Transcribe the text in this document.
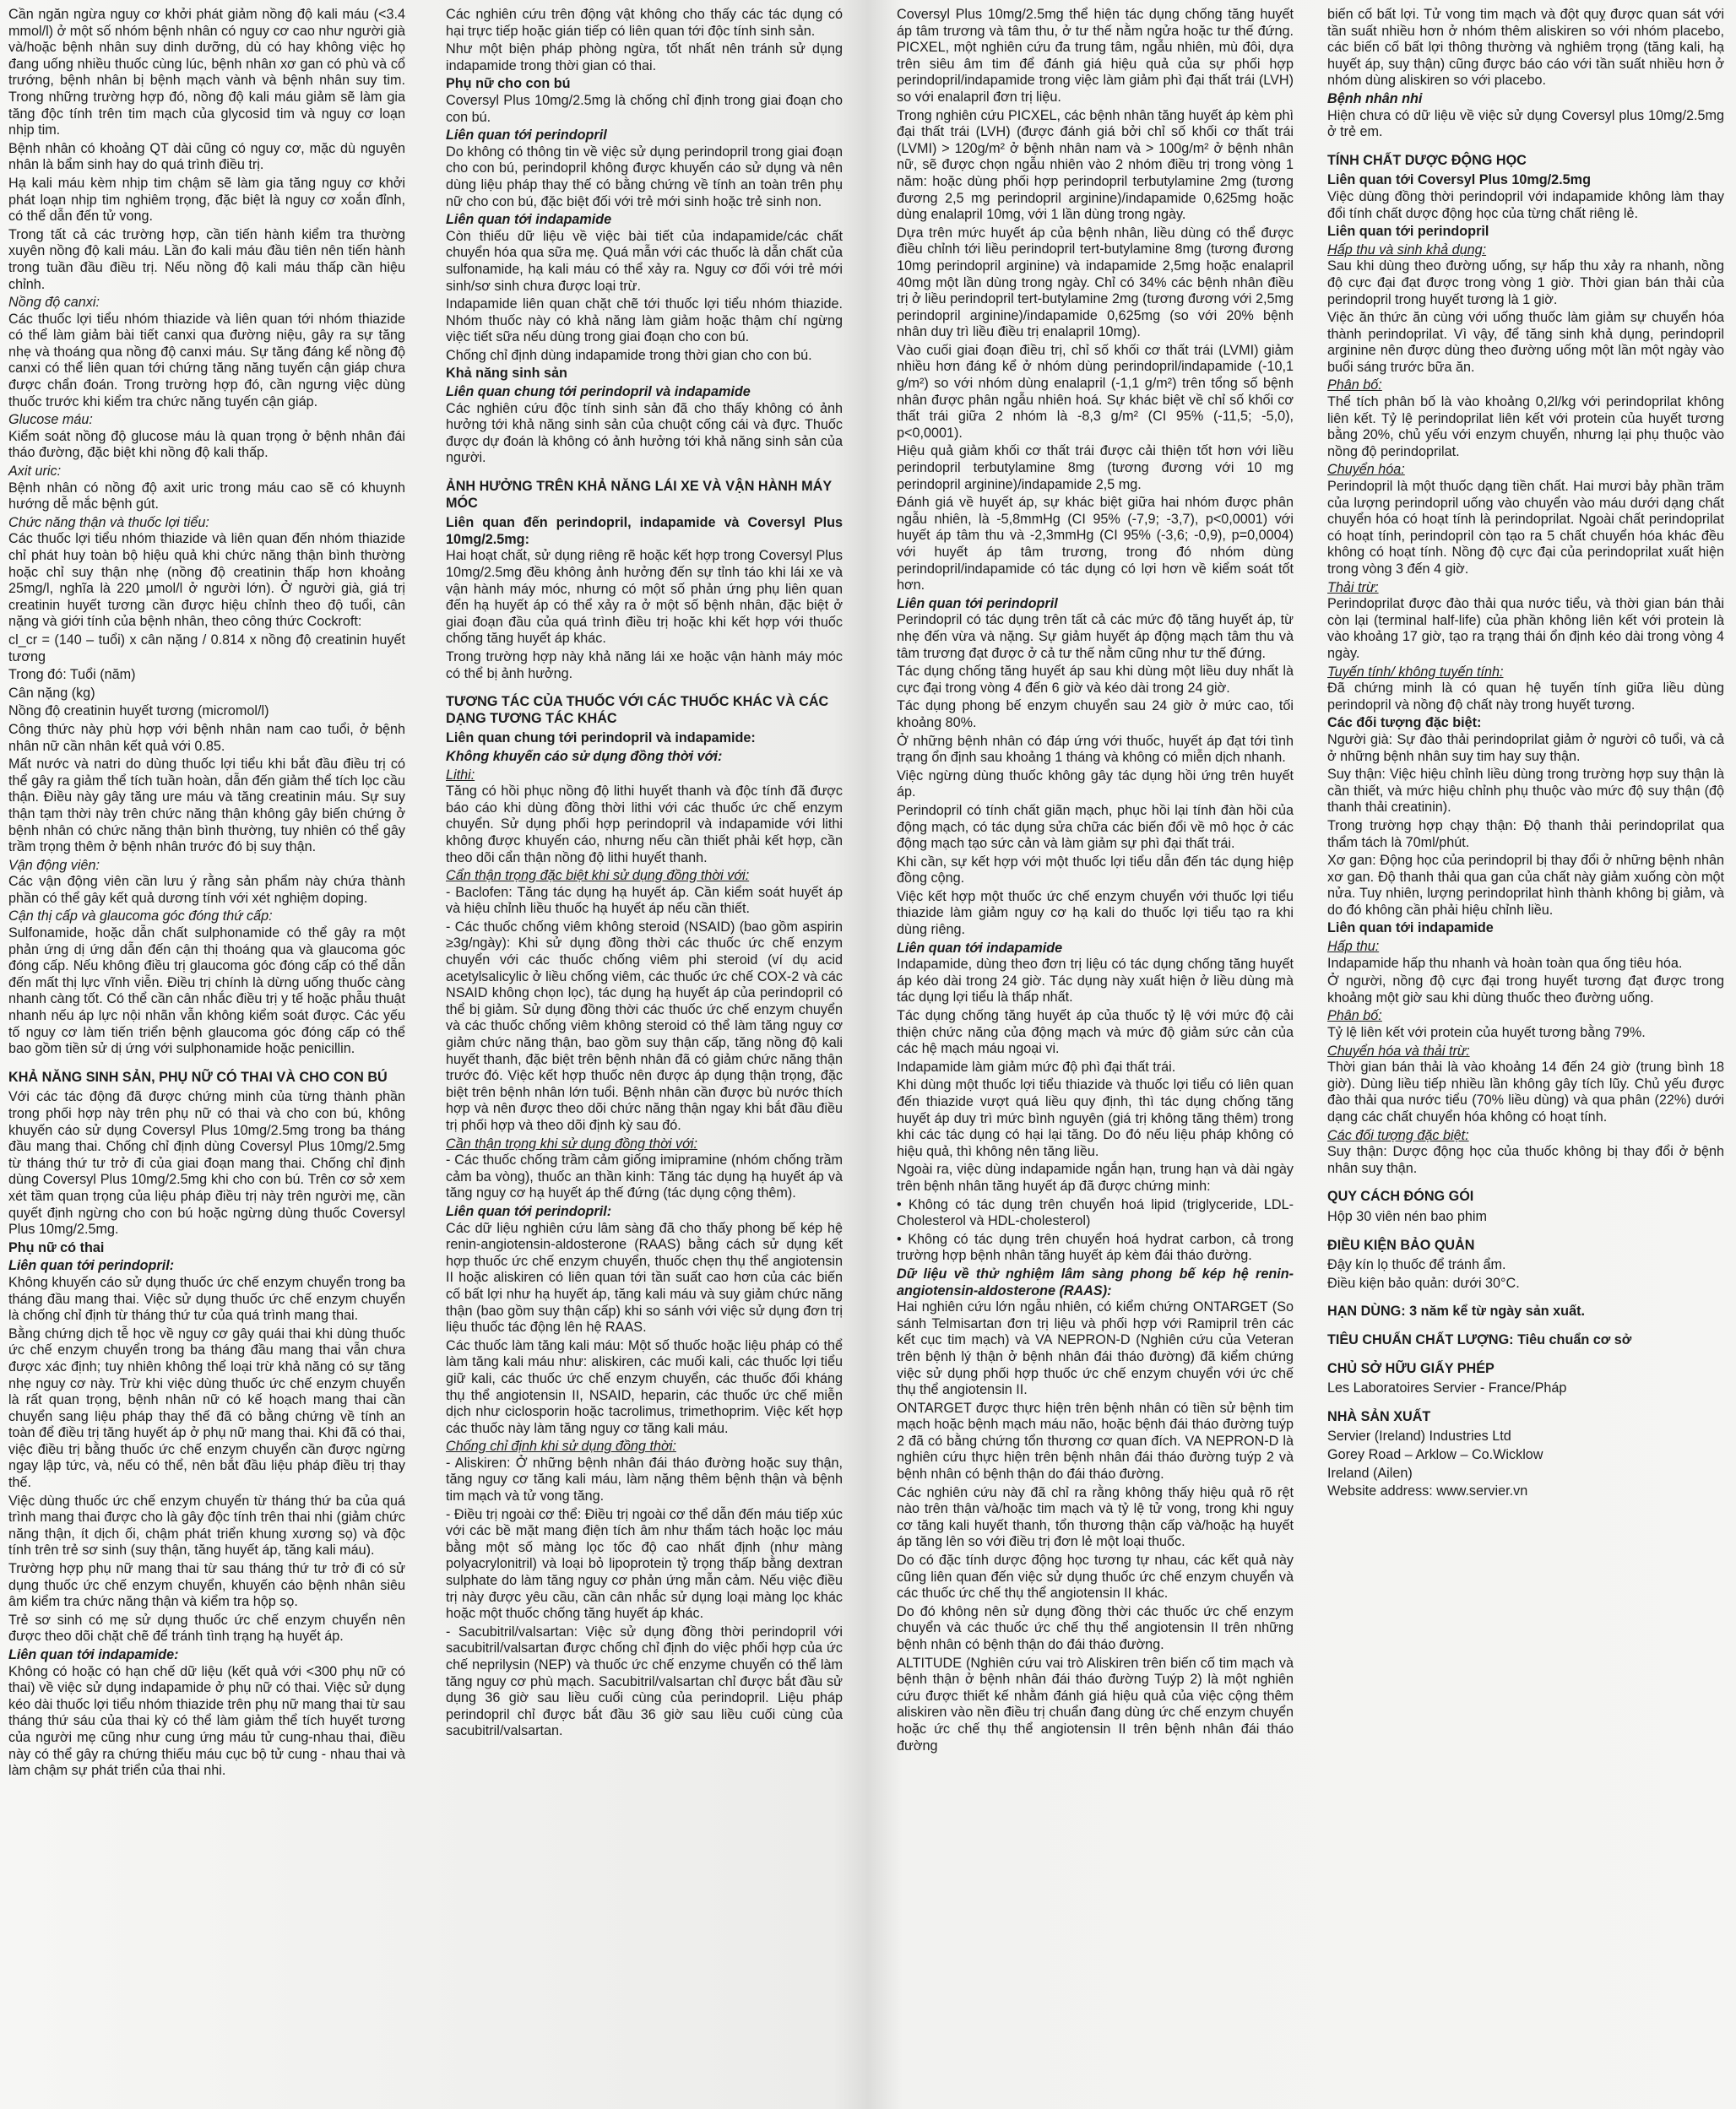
Cần ngăn ngừa nguy cơ khởi phát giảm nồng độ kali máu (<3.4 mmol/l) ở một số nhóm bệnh nhân có nguy cơ cao như người già và/hoặc bệnh nhân suy dinh dưỡng, dù có hay không việc họ đang uống nhiều thuốc cùng lúc, bệnh nhân xơ gan có phù và cổ trướng, bệnh nhân bị bệnh mạch vành và bệnh nhân suy tim. Trong những trường hợp đó, nồng độ kali máu giảm sẽ làm gia tăng độc tính trên tim mạch của glycosid tim và nguy cơ loạn nhịp tim.

Bệnh nhân có khoảng QT dài cũng có nguy cơ, mặc dù nguyên nhân là bẩm sinh hay do quá trình điều trị.

Hạ kali máu kèm nhịp tim chậm sẽ làm gia tăng nguy cơ khởi phát loạn nhịp tim nghiêm trọng, đặc biệt là nguy cơ xoắn đỉnh, có thể dẫn đến tử vong.

Trong tất cả các trường hợp, cần tiến hành kiểm tra thường xuyên nồng độ kali máu. Lần đo kali máu đầu tiên nên tiến hành trong tuần đầu điều trị. Nếu nồng độ kali máu thấp cần hiệu chỉnh.

Nồng độ canxi:

Các thuốc lợi tiểu nhóm thiazide và liên quan tới nhóm thiazide có thể làm giảm bài tiết canxi qua đường niệu, gây ra sự tăng nhẹ và thoáng qua nồng độ canxi máu. Sự tăng đáng kể nồng độ canxi có thể liên quan tới chứng tăng năng tuyến cận giáp chưa được chẩn đoán. Trong trường hợp đó, cần ngưng việc dùng thuốc trước khi kiểm tra chức năng tuyến cận giáp.

Glucose máu:

Kiểm soát nồng độ glucose máu là quan trọng ở bệnh nhân đái tháo đường, đặc biệt khi nồng độ kali thấp.

Axit uric:

Bệnh nhân có nồng độ axit uric trong máu cao sẽ có khuynh hướng dễ mắc bệnh gút.

Chức năng thận và thuốc lợi tiểu:

Các thuốc lợi tiểu nhóm thiazide và liên quan đến nhóm thiazide chỉ phát huy toàn bộ hiệu quả khi chức năng thận bình thường hoặc chỉ suy thận nhẹ (nồng độ creatinin thấp hơn khoảng 25mg/l, nghĩa là 220 µmol/l ở người lớn). Ở người già, giá trị creatinin huyết tương cần được hiệu chỉnh theo độ tuổi, cân nặng và giới tính của bệnh nhân, theo công thức Cockroft:

cl_cr = (140 – tuổi) x cân nặng / 0.814 x nồng độ creatinin huyết tương

Trong đó: Tuổi (năm)

Cân nặng (kg)

Nồng độ creatinin huyết tương (micromol/l)

Công thức này phù hợp với bệnh nhân nam cao tuổi, ở bệnh nhân nữ cần nhân kết quả với 0.85.

Mất nước và natri do dùng thuốc lợi tiểu khi bắt đầu điều trị có thể gây ra giảm thể tích tuần hoàn, dẫn đến giảm thể tích lọc cầu thận. Điều này gây tăng ure máu và tăng creatinin máu. Sự suy thận tạm thời này trên chức năng thận không gây biến chứng ở bệnh nhân có chức năng thận bình thường, tuy nhiên có thể gây trầm trọng thêm ở bệnh nhân trước đó bị suy thận.

Vận động viên:

Các vận động viên cần lưu ý rằng sản phẩm này chứa thành phần có thể gây kết quả dương tính với xét nghiệm doping.

Cận thị cấp và glaucoma góc đóng thứ cấp:

Sulfonamide, hoặc dẫn chất sulphonamide có thể gây ra một phản ứng dị ứng dẫn đến cận thị thoáng qua và glaucoma góc đóng cấp. Nếu không điều trị glaucoma góc đóng cấp có thể dẫn đến mất thị lực vĩnh viễn. Điều trị chính là dừng uống thuốc càng nhanh càng tốt. Có thể cần cân nhắc điều trị y tế hoặc phẫu thuật nhanh nếu áp lực nội nhãn vẫn không kiểm soát được. Các yếu tố nguy cơ làm tiến triển bệnh glaucoma góc đóng cấp có thể bao gồm tiền sử dị ứng với sulphonamide hoặc penicillin.

KHẢ NĂNG SINH SẢN, PHỤ NỮ CÓ THAI VÀ CHO CON BÚ

Với các tác động đã được chứng minh của từng thành phần trong phối hợp này trên phụ nữ có thai và cho con bú, không khuyến cáo sử dụng Coversyl Plus 10mg/2.5mg trong ba tháng đầu mang thai. Chống chỉ định dùng Coversyl Plus 10mg/2.5mg từ tháng thứ tư trở đi của giai đoạn mang thai. Chống chỉ định dùng Coversyl Plus 10mg/2.5mg khi cho con bú. Trên cơ sở xem xét tầm quan trọng của liệu pháp điều trị này trên người mẹ, cần quyết định ngừng cho con bú hoặc ngừng dùng thuốc Coversyl Plus 10mg/2.5mg.

Phụ nữ có thai

Liên quan tới perindopril:

Không khuyến cáo sử dụng thuốc ức chế enzym chuyển trong ba tháng đầu mang thai. Việc sử dụng thuốc ức chế enzym chuyển là chống chỉ định từ tháng thứ tư của quá trình mang thai.

Bằng chứng dịch tễ học về nguy cơ gây quái thai khi dùng thuốc ức chế enzym chuyển trong ba tháng đầu mang thai vẫn chưa được xác định; tuy nhiên không thể loại trừ khả năng có sự tăng nhẹ nguy cơ này. Trừ khi việc dùng thuốc ức chế enzym chuyển là rất quan trọng, bệnh nhân nữ có kế hoạch mang thai cần chuyển sang liệu pháp thay thế đã có bằng chứng về tính an toàn để điều trị tăng huyết áp ở phụ nữ mang thai. Khi đã có thai, việc điều trị bằng thuốc ức chế enzym chuyển cần được ngừng ngay lập tức, và, nếu có thể, nên bắt đầu liệu pháp điều trị thay thế.

Việc dùng thuốc ức chế enzym chuyển từ tháng thứ ba của quá trình mang thai được cho là gây độc tính trên thai nhi (giảm chức năng thận, ít dịch ối, chậm phát triển khung xương sọ) và độc tính trên trẻ sơ sinh (suy thận, tăng huyết áp, tăng kali máu).

Trường hợp phụ nữ mang thai từ sau tháng thứ tư trở đi có sử dụng thuốc ức chế enzym chuyển, khuyến cáo bệnh nhân siêu âm kiểm tra chức năng thận và kiểm tra hộp sọ.

Trẻ sơ sinh có mẹ sử dụng thuốc ức chế enzym chuyển nên được theo dõi chặt chẽ để tránh tình trạng hạ huyết áp.

Liên quan tới indapamide:

Không có hoặc có hạn chế dữ liệu (kết quả với <300 phụ nữ có thai) về việc sử dụng indapamide ở phụ nữ có thai. Việc sử dụng kéo dài thuốc lợi tiểu nhóm thiazide trên phụ nữ mang thai từ sau tháng thứ sáu của thai kỳ có thể làm giảm thể tích huyết tương của người mẹ cũng như cung ứng máu tử cung-nhau thai, điều này có thể gây ra chứng thiếu máu cục bộ tử cung - nhau thai và làm chậm sự phát triển của thai nhi.

Các nghiên cứu trên động vật không cho thấy các tác dụng có hại trực tiếp hoặc gián tiếp có liên quan tới độc tính sinh sản.

Như một biện pháp phòng ngừa, tốt nhất nên tránh sử dụng indapamide trong thời gian có thai.

Phụ nữ cho con bú

Coversyl Plus 10mg/2.5mg là chống chỉ định trong giai đoạn cho con bú.

Liên quan tới perindopril

Do không có thông tin về việc sử dụng perindopril trong giai đoạn cho con bú, perindopril không được khuyến cáo sử dụng và nên dùng liệu pháp thay thế có bằng chứng về tính an toàn trên phụ nữ cho con bú, đặc biệt đối với trẻ mới sinh hoặc trẻ sinh non.

Liên quan tới indapamide

Còn thiếu dữ liệu về việc bài tiết của indapamide/các chất chuyển hóa qua sữa mẹ. Quá mẫn với các thuốc là dẫn chất của sulfonamide, hạ kali máu có thể xảy ra. Nguy cơ đối với trẻ mới sinh/sơ sinh chưa được loại trừ.

Indapamide liên quan chặt chẽ tới thuốc lợi tiểu nhóm thiazide. Nhóm thuốc này có khả năng làm giảm hoặc thậm chí ngừng việc tiết sữa nếu dùng trong giai đoạn cho con bú.

Chống chỉ định dùng indapamide trong thời gian cho con bú.

Khả năng sinh sản

Liên quan chung tới perindopril và indapamide

Các nghiên cứu độc tính sinh sản đã cho thấy không có ảnh hưởng tới khả năng sinh sản của chuột cống cái và đực. Thuốc được dự đoán là không có ảnh hưởng tới khả năng sinh sản của người.

ẢNH HƯỞNG TRÊN KHẢ NĂNG LÁI XE VÀ VẬN HÀNH MÁY MÓC

Liên quan đến perindopril, indapamide và Coversyl Plus 10mg/2.5mg:

Hai hoạt chất, sử dụng riêng rẽ hoặc kết hợp trong Coversyl Plus 10mg/2.5mg đều không ảnh hưởng đến sự tỉnh táo khi lái xe và vận hành máy móc, nhưng có một số phản ứng phụ liên quan đến hạ huyết áp có thể xảy ra ở một số bệnh nhân, đặc biệt ở giai đoạn đầu của quá trình điều trị hoặc khi kết hợp với thuốc chống tăng huyết áp khác.

Trong trường hợp này khả năng lái xe hoặc vận hành máy móc có thể bị ảnh hưởng.

TƯƠNG TÁC CỦA THUỐC VỚI CÁC THUỐC KHÁC VÀ CÁC DẠNG TƯƠNG TÁC KHÁC

Liên quan chung tới perindopril và indapamide:

Không khuyến cáo sử dụng đồng thời với:

Lithi:

Tăng có hồi phục nồng độ lithi huyết thanh và độc tính đã được báo cáo khi dùng đồng thời lithi với các thuốc ức chế enzym chuyển. Sử dụng phối hợp perindopril và indapamide với lithi không được khuyến cáo, nhưng nếu cần thiết phải kết hợp, cần theo dõi cẩn thận nồng độ lithi huyết thanh.

Cẩn thận trọng đặc biệt khi sử dụng đồng thời với:

- Baclofen: Tăng tác dụng hạ huyết áp. Cần kiểm soát huyết áp và hiệu chỉnh liều thuốc hạ huyết áp nếu cần thiết.

- Các thuốc chống viêm không steroid (NSAID) (bao gồm aspirin ≥3g/ngày): Khi sử dụng đồng thời các thuốc ức chế enzym chuyển với các thuốc chống viêm phi steroid (ví dụ acid acetylsalicylic ở liều chống viêm, các thuốc ức chế COX-2 và các NSAID không chọn lọc), tác dụng hạ huyết áp của perindopril có thể bị giảm. Sử dụng đồng thời các thuốc ức chế enzym chuyển và các thuốc chống viêm không steroid có thể làm tăng nguy cơ giảm chức năng thận, bao gồm suy thận cấp, tăng nồng độ kali huyết thanh, đặc biệt trên bệnh nhân đã có giảm chức năng thận trước đó. Việc kết hợp thuốc nên được áp dụng thận trọng, đặc biệt trên bệnh nhân lớn tuổi. Bệnh nhân cần được bù nước thích hợp và nên được theo dõi chức năng thận ngay khi bắt đầu điều trị phối hợp và theo dõi định kỳ sau đó.

Cần thận trọng khi sử dụng đồng thời với:

- Các thuốc chống trầm cảm giống imipramine (nhóm chống trầm cảm ba vòng), thuốc an thần kinh: Tăng tác dụng hạ huyết áp và tăng nguy cơ hạ huyết áp thế đứng (tác dụng cộng thêm).

Liên quan tới perindopril:

Các dữ liệu nghiên cứu lâm sàng đã cho thấy phong bế kép hệ renin-angiotensin-aldosterone (RAAS) bằng cách sử dụng kết hợp thuốc ức chế enzym chuyển, thuốc chẹn thụ thể angiotensin II hoặc aliskiren có liên quan tới tần suất cao hơn của các biến cố bất lợi như hạ huyết áp, tăng kali máu và suy giảm chức năng thận (bao gồm suy thận cấp) khi so sánh với việc sử dụng đơn trị liệu thuốc tác động lên hệ RAAS.

Các thuốc làm tăng kali máu: Một số thuốc hoặc liệu pháp có thể làm tăng kali máu như: aliskiren, các muối kali, các thuốc lợi tiểu giữ kali, các thuốc ức chế enzym chuyển, các thuốc đối kháng thụ thể angiotensin II, NSAID, heparin, các thuốc ức chế miễn dịch như ciclosporin hoặc tacrolimus, trimethoprim. Việc kết hợp các thuốc này làm tăng nguy cơ tăng kali máu.

Chống chỉ định khi sử dụng đồng thời:

- Aliskiren: Ở những bệnh nhân đái tháo đường hoặc suy thận, tăng nguy cơ tăng kali máu, làm nặng thêm bệnh thận và bệnh tim mạch và tử vong tăng.

- Điều trị ngoài cơ thể: Điều trị ngoài cơ thể dẫn đến máu tiếp xúc với các bề mặt mang điện tích âm như thẩm tách hoặc lọc máu bằng một số màng lọc tốc độ cao nhất định (như màng polyacrylonitril) và loại bỏ lipoprotein tỷ trọng thấp bằng dextran sulphate do làm tăng nguy cơ phản ứng mẫn cảm. Nếu việc điều trị này được yêu cầu, cần cân nhắc sử dụng loại màng lọc khác hoặc một thuốc chống tăng huyết áp khác.

- Sacubitril/valsartan: Việc sử dụng đồng thời perindopril với sacubitril/valsartan được chống chỉ định do việc phối hợp của ức chế neprilysin (NEP) và thuốc ức chế enzyme chuyển có thể làm tăng nguy cơ phù mạch. Sacubitril/valsartan chỉ được bắt đầu sử dụng 36 giờ sau liều cuối cùng của perindopril. Liệu pháp perindopril chỉ được bắt đầu 36 giờ sau liều cuối cùng của sacubitril/valsartan.

Coversyl Plus 10mg/2.5mg thể hiện tác dụng chống tăng huyết áp tâm trương và tâm thu, ở tư thế nằm ngửa hoặc tư thế đứng. PICXEL, một nghiên cứu đa trung tâm, ngẫu nhiên, mù đôi, dựa trên siêu âm tim để đánh giá hiệu quả của sự phối hợp perindopril/indapamide trong việc làm giảm phì đại thất trái (LVH) so với enalapril đơn trị liệu.

Trong nghiên cứu PICXEL, các bệnh nhân tăng huyết áp kèm phì đại thất trái (LVH) (được đánh giá bởi chỉ số khối cơ thất trái (LVMI) > 120g/m² ở bệnh nhân nam và > 100g/m² ở bệnh nhân nữ, sẽ được chọn ngẫu nhiên vào 2 nhóm điều trị trong vòng 1 năm: hoặc dùng phối hợp perindopril terbutylamine 2mg (tương đương 2,5 mg perindopril arginine)/indapamide 0,625mg hoặc dùng enalapril 10mg, với 1 lần dùng trong ngày.

Dựa trên mức huyết áp của bệnh nhân, liều dùng có thể được điều chỉnh tới liều perindopril tert-butylamine 8mg (tương đương 10mg perindopril arginine) và indapamide 2,5mg hoặc enalapril 40mg một lần dùng trong ngày. Chỉ có 34% các bệnh nhân điều trị ở liều perindopril tert-butylamine 2mg (tương đương với 2,5mg perindopril arginine)/indapamide 0,625mg (so với 20% bệnh nhân duy trì liều điều trị enalapril 10mg).

Vào cuối giai đoạn điều trị, chỉ số khối cơ thất trái (LVMI) giảm nhiều hơn đáng kể ở nhóm dùng perindopril/indapamide (-10,1 g/m²) so với nhóm dùng enalapril (-1,1 g/m²) trên tổng số bệnh nhân được phân ngẫu nhiên hoá. Sự khác biệt về chỉ số khối cơ thất trái giữa 2 nhóm là -8,3 g/m² (CI 95% (-11,5; -5,0), p<0,0001).

Hiệu quả giảm khối cơ thất trái được cải thiện tốt hơn với liều perindopril terbutylamine 8mg (tương đương với 10 mg perindopril arginine)/indapamide 2,5 mg.

Đánh giá về huyết áp, sự khác biệt giữa hai nhóm được phân ngẫu nhiên, là -5,8mmHg (CI 95% (-7,9; -3,7), p<0,0001) với huyết áp tâm thu và -2,3mmHg (CI 95% (-3,6; -0,9), p=0,0004) với huyết áp tâm trương, trong đó nhóm dùng perindopril/indapamide có tác dụng có lợi hơn về kiểm soát tốt hơn.

Liên quan tới perindopril

Perindopril có tác dụng trên tất cả các mức độ tăng huyết áp, từ nhẹ đến vừa và nặng. Sự giảm huyết áp động mạch tâm thu và tâm trương đạt được ở cả tư thế nằm cũng như tư thế đứng.

Tác dụng chống tăng huyết áp sau khi dùng một liều duy nhất là cực đại trong vòng 4 đến 6 giờ và kéo dài trong 24 giờ.

Tác dụng phong bế enzym chuyển sau 24 giờ ở mức cao, tối khoảng 80%.

Ở những bệnh nhân có đáp ứng với thuốc, huyết áp đạt tới tình trạng ổn định sau khoảng 1 tháng và không có miễn dịch nhanh.

Việc ngừng dùng thuốc không gây tác dụng hồi ứng trên huyết áp.

Perindopril có tính chất giãn mạch, phục hồi lại tính đàn hồi của động mạch, có tác dụng sửa chữa các biến đổi về mô học ở các động mạch tạo sức cản và làm giảm sự phì đại thất trái.

Khi cần, sự kết hợp với một thuốc lợi tiểu dẫn đến tác dụng hiệp đồng cộng.

Việc kết hợp một thuốc ức chế enzym chuyển với thuốc lợi tiểu thiazide làm giảm nguy cơ hạ kali do thuốc lợi tiểu tạo ra khi dùng riêng.

Liên quan tới indapamide

Indapamide, dùng theo đơn trị liệu có tác dụng chống tăng huyết áp kéo dài trong 24 giờ. Tác dụng này xuất hiện ở liều dùng mà tác dụng lợi tiểu là thấp nhất.

Tác dụng chống tăng huyết áp của thuốc tỷ lệ với mức độ cải thiện chức năng của động mạch và mức độ giảm sức cản của các hệ mạch máu ngoại vi.

Indapamide làm giảm mức độ phì đại thất trái.

Khi dùng một thuốc lợi tiểu thiazide và thuốc lợi tiểu có liên quan đến thiazide vượt quá liều quy định, thì tác dụng chống tăng huyết áp duy trì mức bình nguyên (giá trị không tăng thêm) trong khi các tác dụng có hại lại tăng. Do đó nếu liệu pháp không có hiệu quả, thì không nên tăng liều.

Ngoài ra, việc dùng indapamide ngắn hạn, trung hạn và dài ngày trên bệnh nhân tăng huyết áp đã được chứng minh:

• Không có tác dụng trên chuyển hoá lipid (triglyceride, LDL-Cholesterol và HDL-cholesterol)

• Không có tác dụng trên chuyển hoá hydrat carbon, cả trong trường hợp bệnh nhân tăng huyết áp kèm đái tháo đường.

Dữ liệu về thử nghiệm lâm sàng phong bế kép hệ renin-angiotensin-aldosterone (RAAS):

Hai nghiên cứu lớn ngẫu nhiên, có kiểm chứng ONTARGET (So sánh Telmisartan đơn trị liệu và phối hợp với Ramipril trên các kết cục tim mạch) và VA NEPRON-D (Nghiên cứu của Veteran trên bệnh lý thận ở bệnh nhân đái tháo đường) đã kiểm chứng việc sử dụng phối hợp thuốc ức chế enzym chuyển với ức chế thụ thể angiotensin II.

ONTARGET được thực hiện trên bệnh nhân có tiền sử bệnh tim mạch hoặc bệnh mạch máu não, hoặc bệnh đái tháo đường tuýp 2 đã có bằng chứng tổn thương cơ quan đích. VA NEPRON-D là nghiên cứu thực hiện trên bệnh nhân đái tháo đường tuýp 2 và bệnh nhân có bệnh thận do đái tháo đường.

Các nghiên cứu này đã chỉ ra rằng không thấy hiệu quả rõ rệt nào trên thận và/hoặc tim mạch và tỷ lệ tử vong, trong khi nguy cơ tăng kali huyết thanh, tổn thương thận cấp và/hoặc hạ huyết áp tăng lên so với điều trị đơn lẻ một loại thuốc.

Do có đặc tính dược động học tương tự nhau, các kết quả này cũng liên quan đến việc sử dụng thuốc ức chế enzym chuyển và các thuốc ức chế thụ thể angiotensin II khác.

Do đó không nên sử dụng đồng thời các thuốc ức chế enzym chuyển và các thuốc ức chế thụ thể angiotensin II trên những bệnh nhân có bệnh thận do đái tháo đường.

ALTITUDE (Nghiên cứu vai trò Aliskiren trên biến cố tim mạch và bệnh thận ở bệnh nhân đái tháo đường Tuýp 2) là một nghiên cứu được thiết kế nhằm đánh giá hiệu quả của việc cộng thêm aliskiren vào nền điều trị chuẩn đang dùng ức chế enzym chuyển hoặc ức chế thụ thể angiotensin II trên bệnh nhân đái tháo đường

biến cố bất lợi. Tử vong tim mạch và đột quỵ được quan sát với tần suất nhiều hơn ở nhóm thêm aliskiren so với nhóm placebo, các biến cố bất lợi thông thường và nghiêm trọng (tăng kali, hạ huyết áp, suy thận) cũng được báo cáo với tần suất nhiều hơn ở nhóm dùng aliskiren so với placebo.

Bệnh nhân nhi

Hiện chưa có dữ liệu về việc sử dụng Coversyl plus 10mg/2.5mg ở trẻ em.

TÍNH CHẤT DƯỢC ĐỘNG HỌC

Liên quan tới Coversyl Plus 10mg/2.5mg

Việc dùng đồng thời perindopril với indapamide không làm thay đổi tính chất dược động học của từng chất riêng lẻ.

Liên quan tới perindopril

Hấp thu và sinh khả dụng:

Sau khi dùng theo đường uống, sự hấp thu xảy ra nhanh, nồng độ cực đại đạt được trong vòng 1 giờ. Thời gian bán thải của perindopril trong huyết tương là 1 giờ.

Việc ăn thức ăn cùng với uống thuốc làm giảm sự chuyển hóa thành perindoprilat. Vì vậy, để tăng sinh khả dụng, perindopril arginine nên được dùng theo đường uống một lần một ngày vào buổi sáng trước bữa ăn.

Phân bố:

Thể tích phân bố là vào khoảng 0,2l/kg với perindoprilat không liên kết. Tỷ lệ perindoprilat liên kết với protein của huyết tương bằng 20%, chủ yếu với enzym chuyển, nhưng lại phụ thuộc vào nồng độ perindoprilat.

Chuyển hóa:

Perindopril là một thuốc dạng tiền chất. Hai mươi bảy phần trăm của lượng perindopril uống vào chuyển vào máu dưới dạng chất chuyển hóa có hoạt tính là perindoprilat. Ngoài chất perindoprilat có hoạt tính, perindopril còn tạo ra 5 chất chuyển hóa khác đều không có hoạt tính. Nồng độ cực đại của perindoprilat xuất hiện trong vòng 3 đến 4 giờ.

Thải trừ:

Perindoprilat được đào thải qua nước tiểu, và thời gian bán thải còn lại (terminal half-life) của phần không liên kết với protein là vào khoảng 17 giờ, tạo ra trạng thái ổn định kéo dài trong vòng 4 ngày.

Tuyến tính/ không tuyến tính:

Đã chứng minh là có quan hệ tuyến tính giữa liều dùng perindopril và nồng độ chất này trong huyết tương.

Các đối tượng đặc biệt:

Người già: Sự đào thải perindoprilat giảm ở người cô tuổi, và cả ở những bệnh nhân suy tim hay suy thận.

Suy thận: Việc hiệu chỉnh liều dùng trong trường hợp suy thận là cần thiết, và mức hiệu chỉnh phụ thuộc vào mức độ suy thận (độ thanh thải creatinin).

Trong trường hợp chạy thận: Độ thanh thải perindoprilat qua thẩm tách là 70ml/phút.

Xơ gan: Động học của perindopril bị thay đổi ở những bệnh nhân xơ gan. Độ thanh thải qua gan của chất này giảm xuống còn một nửa. Tuy nhiên, lượng perindoprilat hình thành không bị giảm, và do đó không cần phải hiệu chỉnh liều.

Liên quan tới indapamide

Hấp thu:

Indapamide hấp thu nhanh và hoàn toàn qua ống tiêu hóa.

Ở người, nồng độ cực đại trong huyết tương đạt được trong khoảng một giờ sau khi dùng thuốc theo đường uống.

Phân bố:

Tỷ lệ liên kết với protein của huyết tương bằng 79%.

Chuyển hóa và thải trừ:

Thời gian bán thải là vào khoảng 14 đến 24 giờ (trung bình 18 giờ). Dùng liều tiếp nhiều lần không gây tích lũy. Chủ yếu được đào thải qua nước tiểu (70% liều dùng) và qua phân (22%) dưới dạng các chất chuyển hóa không có hoạt tính.

Các đối tượng đặc biệt:

Suy thận: Dược động học của thuốc không bị thay đổi ở bệnh nhân suy thận.

QUY CÁCH ĐÓNG GÓI

Hộp 30 viên nén bao phim

ĐIỀU KIỆN BẢO QUẢN

Đậy kín lọ thuốc để tránh ẩm.

Điều kiện bảo quản: dưới 30°C.

HẠN DÙNG: 3 năm kể từ ngày sản xuất.

TIÊU CHUẨN CHẤT LƯỢNG: Tiêu chuẩn cơ sở

CHỦ SỞ HỮU GIẤY PHÉP

Les Laboratoires Servier - France/Pháp

NHÀ SẢN XUẤT

Servier (Ireland) Industries Ltd

Gorey Road – Arklow – Co.Wicklow

Ireland (Ailen)

Website address: www.servier.vn
